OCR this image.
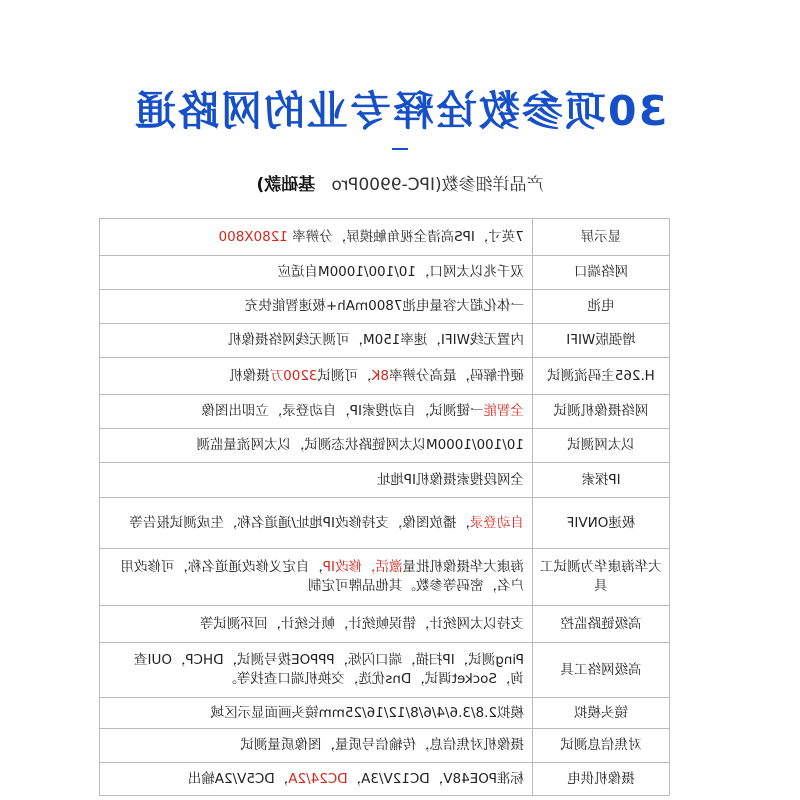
30项参数诠释专业的网路通
产品详细参数(IPC-9900Pro   基础款)
显示屏	7英寸，IPS高清全视角触摸屏，分辨率 1280X800
网络端口	双千兆以太网口，10/100/1000M自适应
电池	一体化超大容量电池7800mAh+极速智能快充
增强版WIFI	内置无线WIFI，速率150M，可测无线网络摄像机
H.265主码流测试	硬件解码，最高分辨率8K，可测试3200万摄像机
网络摄像机测试	全智能一键测试，自动搜索IP，自动登录，立即出图像
以太网测试	10/100/1000M以太网链路状态测试，以太网流量监测
IP探索	全网段搜索摄像机IP地址
极速ONVIF	自动登录，播放图像，支持修改IP地址/通道名称，生成测试报告等
大华海康华为测试工具	海康大华摄像机批量激活，修改IP，自定义修改通道名称，可修改用户名，密码等参数。其他品牌可定制
高级链路监控	支持以太网统计，错误帧统计，帧长统计，回环测试等
高级网络工具	Ping测试，IP扫描，端口闪烁，PPPOE拨号测试，DHCP，OUI查询，Socket调试，Dns优选，交换机端口查找等。
镜头模拟	模拟2.8/3.6/4/6/8/12/16/25mm镜头画面显示区域
对焦信息测试	摄像机对焦信息，传输信号质量，图像质量测试
摄像机供电	标准POE48V，DC12V/3A，DC24/2A，DC5V/2A输出
